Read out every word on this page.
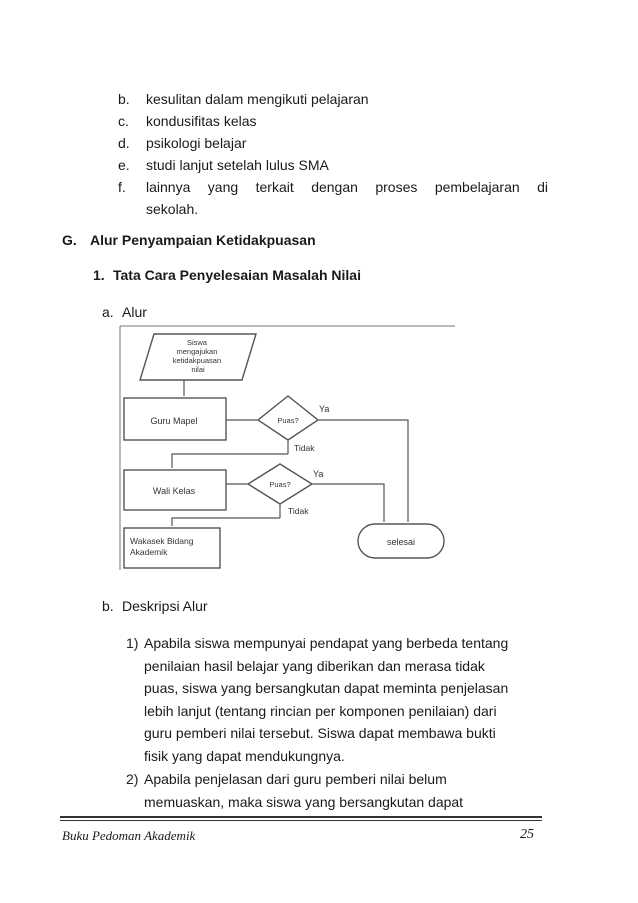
b. kesulitan dalam mengikuti pelajaran
c. kondusifitas kelas
d. psikologi belajar
e. studi lanjut setelah lulus SMA
f. lainnya yang terkait dengan proses pembelajaran di
sekolah.
G. Alur Penyampaian Ketidakpuasan
1. Tata Cara Penyelesaian Masalah Nilai
a. Alur
Siswa mengajukan ketidakpuasan nilai
Guru Mapel	Puas?
Ya
Tidak
Wali Kelas
Puas?
Ya
Tidak
Wakasek Bidang Akademik
selesai
b. Deskripsi Alur
1) Apabila siswa mempunyai pendapat yang berbeda tentang
penilaian hasil belajar yang diberikan dan merasa tidak
puas, siswa yang bersangkutan dapat meminta penjelasan
lebih lanjut (tentang rincian per komponen penilaian) dari
guru pemberi nilai tersebut. Siswa dapat membawa bukti
fisik yang dapat mendukungnya.
2) Apabila penjelasan dari guru pemberi nilai belum
memuaskan, maka siswa yang bersangkutan dapat
Buku Pedoman Akademik	25
